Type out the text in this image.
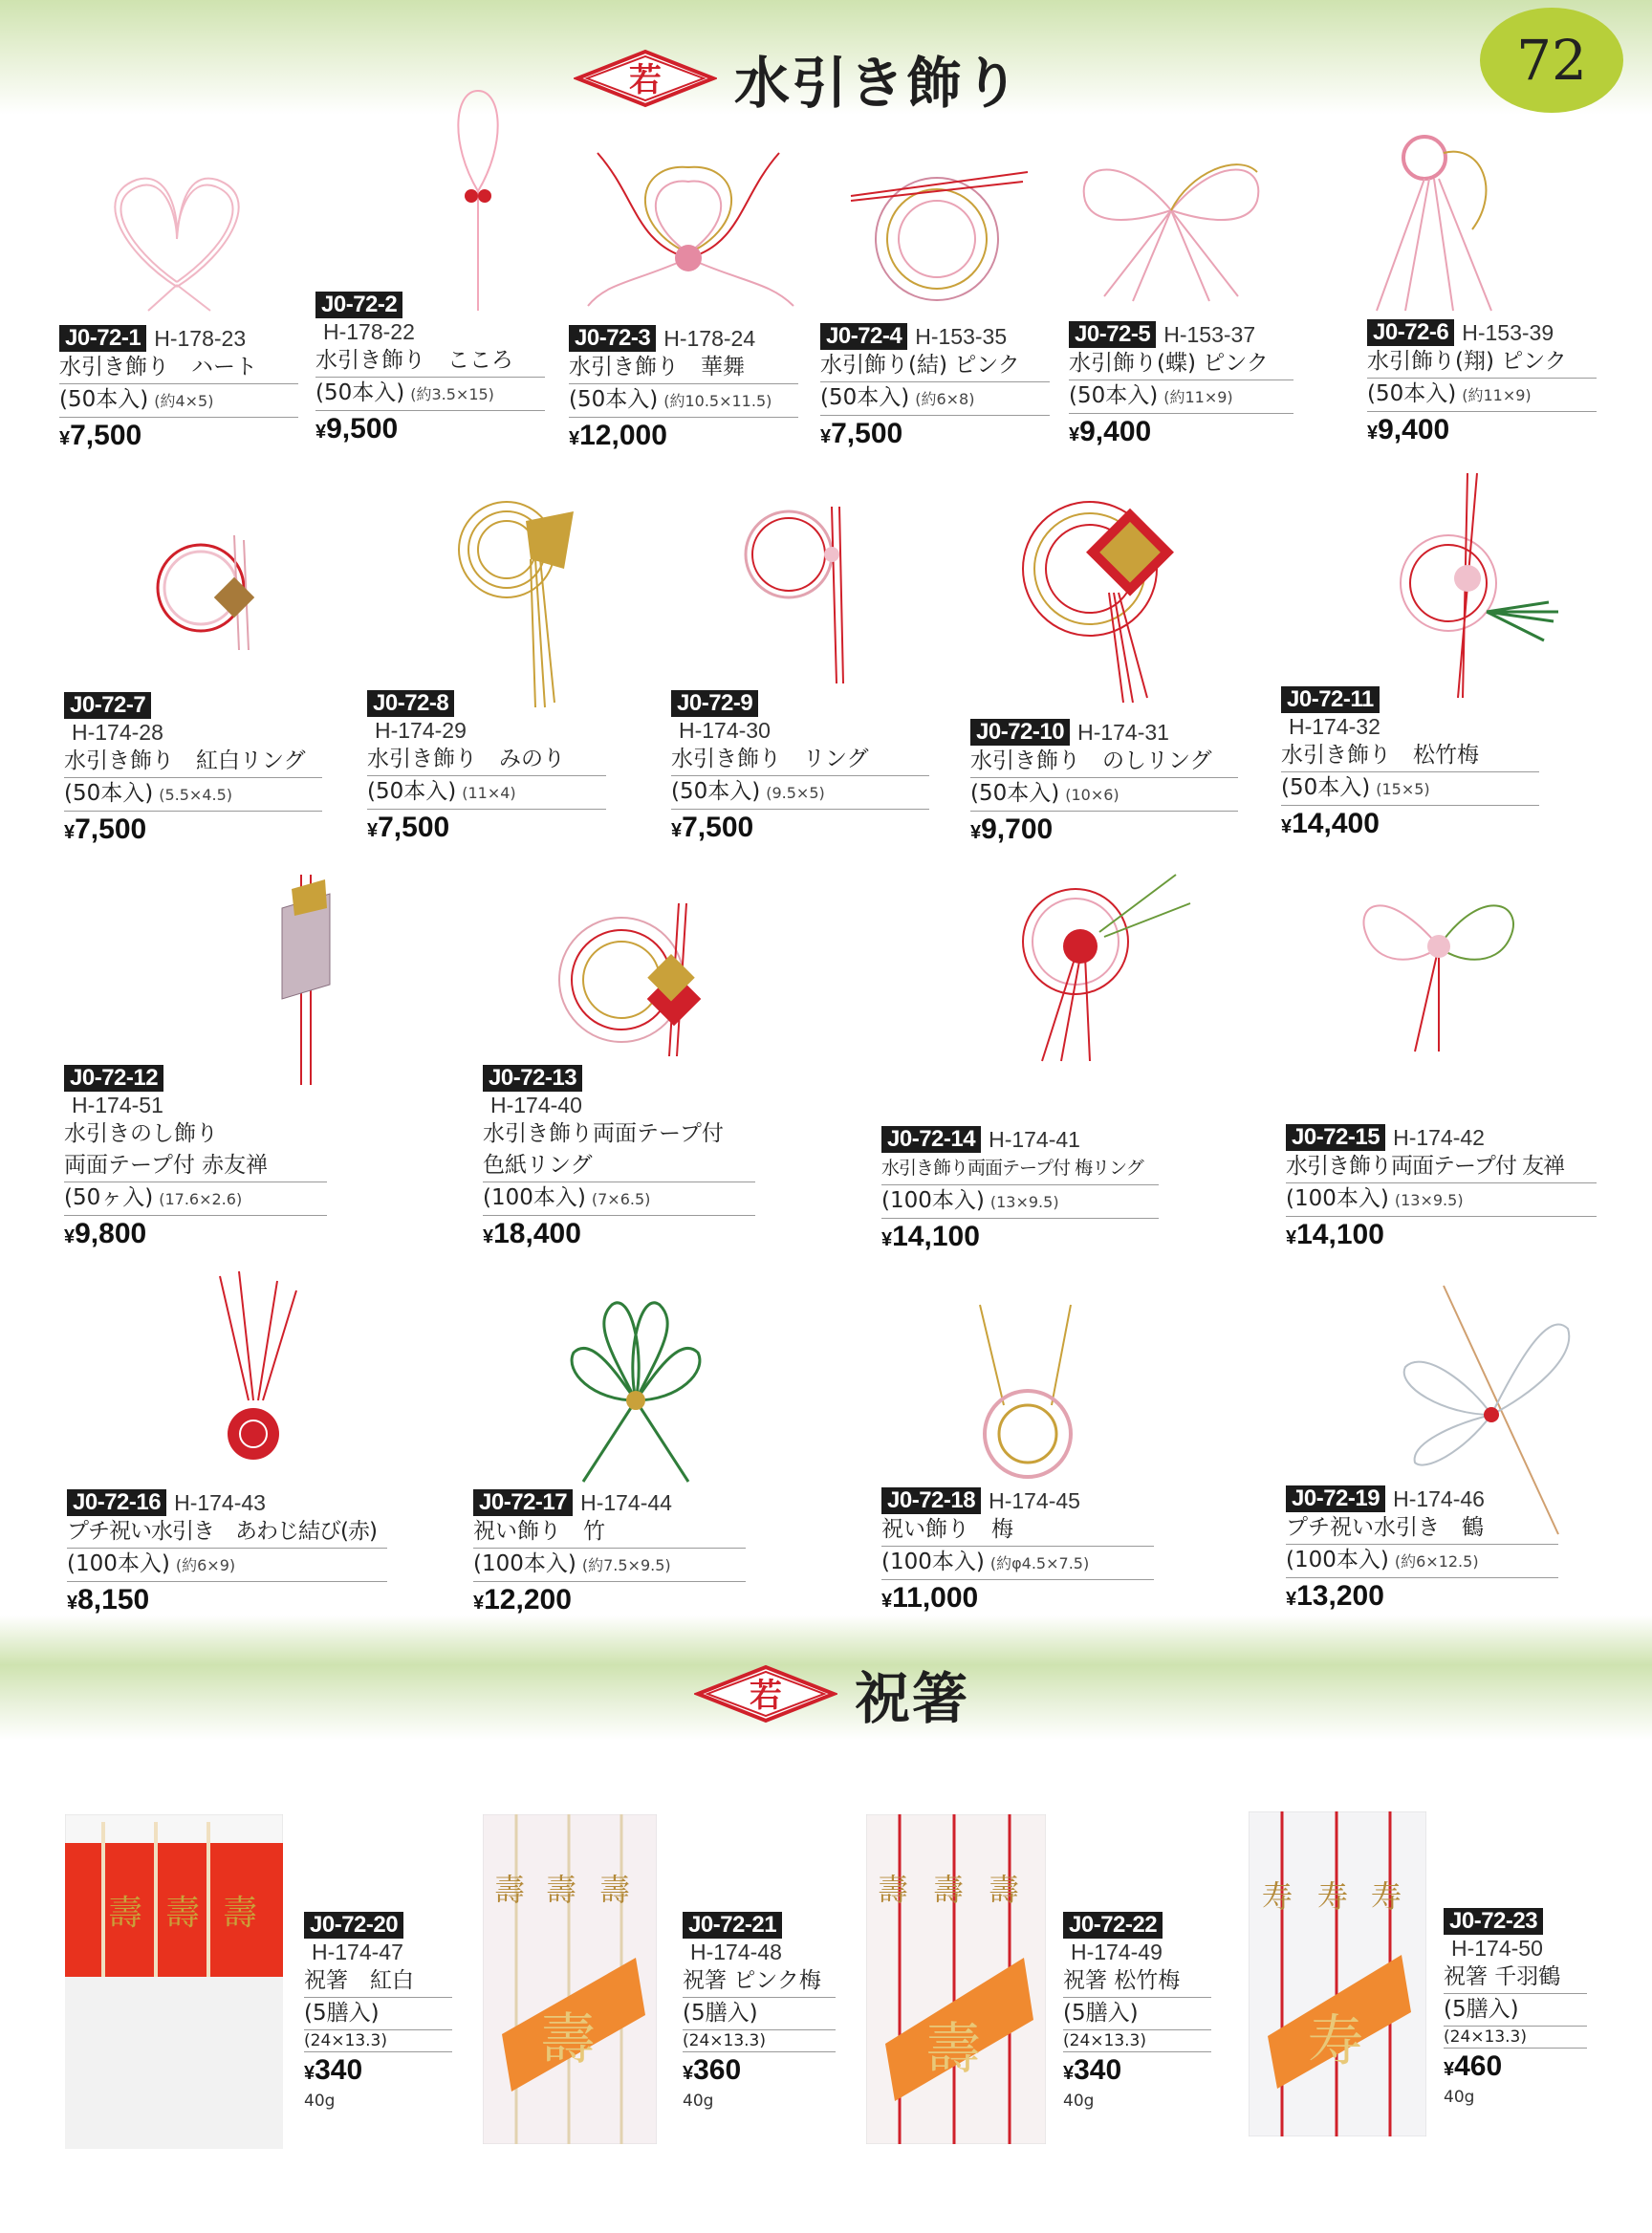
若 水引き飾り	72
若 祝箸
J0-72-1 H-178-23
水引き飾り　ハート
(50本入) (約4×5)
¥7,500
J0-72-2
H-178-22
水引き飾り　こころ
(50本入) (約3.5×15)
¥9,500
J0-72-3 H-178-24
水引き飾り　華舞
(50本入) (約10.5×11.5)
¥12,000
J0-72-4 H-153-35
水引飾り(結) ピンク
(50本入) (約6×8)
¥7,500
J0-72-5 H-153-37
水引飾り(蝶) ピンク
(50本入) (約11×9)
¥9,400
J0-72-6 H-153-39
水引飾り(翔) ピンク
(50本入) (約11×9)
¥9,400
J0-72-7
H-174-28
水引き飾り　紅白リング
(50本入) (5.5×4.5)
¥7,500
J0-72-8
H-174-29
水引き飾り　みのり
(50本入) (11×4)
¥7,500
J0-72-9
H-174-30
水引き飾り　リング
(50本入) (9.5×5)
¥7,500
J0-72-10 H-174-31
水引き飾り　のしリング
(50本入) (10×6)
¥9,700
J0-72-11
H-174-32
水引き飾り　松竹梅
(50本入) (15×5)
¥14,400
J0-72-12
H-174-51
水引きのし飾り
両面テープ付 赤友禅
(50ヶ入) (17.6×2.6)
¥9,800
J0-72-13
H-174-40
水引き飾り両面テープ付
色紙リング
(100本入) (7×6.5)
¥18,400
J0-72-14 H-174-41
水引き飾り両面テープ付 梅リング
(100本入) (13×9.5)
¥14,100
J0-72-15 H-174-42
水引き飾り両面テープ付 友禅
(100本入) (13×9.5)
¥14,100
J0-72-16 H-174-43
プチ祝い水引き　あわじ結び(赤)
(100本入) (約6×9)
¥8,150
J0-72-17 H-174-44
祝い飾り　竹
(100本入) (約7.5×9.5)
¥12,200
J0-72-18 H-174-45
祝い飾り　梅
(100本入) (約φ4.5×7.5)
¥11,000
J0-72-19 H-174-46
プチ祝い水引き　鶴
(100本入) (約6×12.5)
¥13,200
壽 壽 壽
壽 壽 壽
壽
壽 壽 壽
壽
寿 寿 寿
寿
J0-72-20
H-174-47
祝箸　紅白
(5膳入)
(24×13.3)
¥340
40g
J0-72-21
H-174-48
祝箸 ピンク梅
(5膳入)
(24×13.3)
¥360
40g
J0-72-22
H-174-49
祝箸 松竹梅
(5膳入)
(24×13.3)
¥340
40g
J0-72-23
H-174-50
祝箸 千羽鶴
(5膳入)
(24×13.3)
¥460
40g
